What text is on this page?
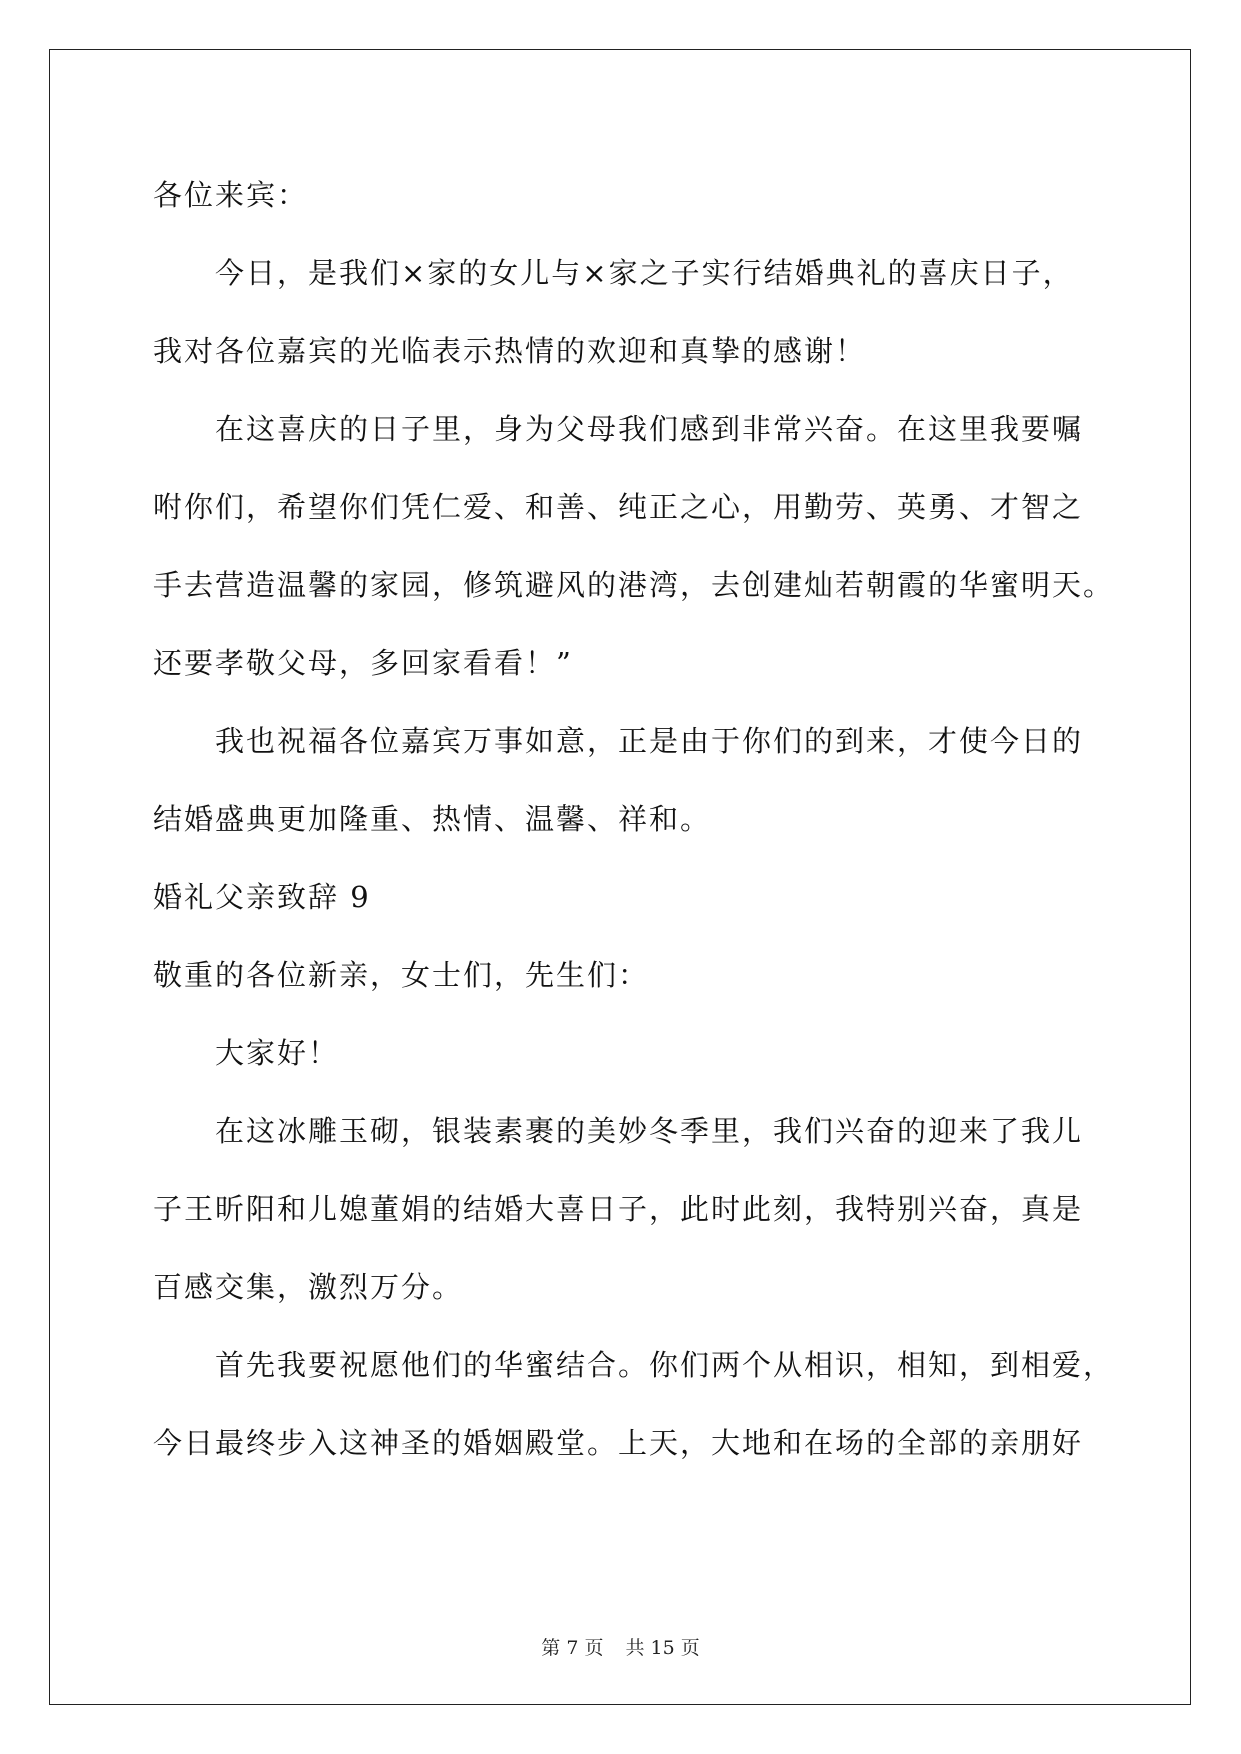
各位来宾：
今日，是我们×家的女儿与×家之子实行结婚典礼的喜庆日子，
我对各位嘉宾的光临表示热情的欢迎和真挚的感谢！
在这喜庆的日子里，身为父母我们感到非常兴奋。在这里我要嘱
咐你们，希望你们凭仁爱、和善、纯正之心，用勤劳、英勇、才智之
手去营造温馨的家园，修筑避风的港湾，去创建灿若朝霞的华蜜明天。
还要孝敬父母，多回家看看！”
我也祝福各位嘉宾万事如意，正是由于你们的到来，才使今日的
结婚盛典更加隆重、热情、温馨、祥和。
婚礼父亲致辞 9
敬重的各位新亲，女士们，先生们：
大家好！
在这冰雕玉砌，银装素裹的美妙冬季里，我们兴奋的迎来了我儿
子王昕阳和儿媳董娟的结婚大喜日子，此时此刻，我特别兴奋，真是
百感交集，激烈万分。
首先我要祝愿他们的华蜜结合。你们两个从相识，相知，到相爱，
今日最终步入这神圣的婚姻殿堂。上天，大地和在场的全部的亲朋好
第 7 页 共 15 页
